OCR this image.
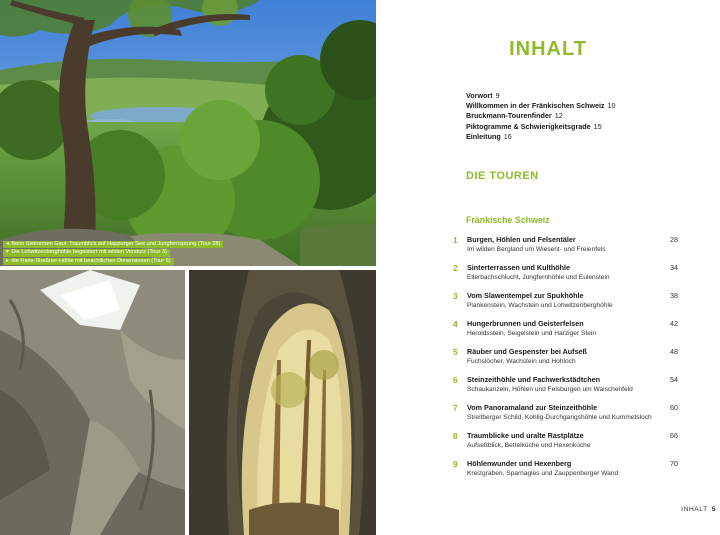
◂ Beim Steinernen Gaul: Traumblick auf Happurger See und Jungfernsprung (Tour 28)
▾ Die Lohwitzenberghöhle begeistert mit wilden Versturz (Tour 3)
▸ die Hans-Straßner-Höhle mit beachtlichen Dimensionen (Tour 6)
INHALT
Vorwort 9
Willkommen in der Fränkischen Schweiz 10
Bruckmann-Tourenfinder 12
Piktogramme & Schwierigkeitsgrade 15
Einleitung 16
DIE TOUREN
Fränkische Schweiz
1	Burgen, Höhlen und Felsentäler
Im wilden Bergland um Wiesent- und Freienfels
28
2	Sinterterrassen und Kulthöhle
Ellerbachschlucht, Jungfernhöhle und Eulenstein
34
3	Vom Slawentempel zur Spukhöhle
Plankenstein, Wachstein und Lohwitzenberghöhle
38
4	Hungerbrunnen und Geisterfelsen
Heroldsstein, Seigelstein und Harziger Stein
42
5	Räuber und Gespenster bei Aufseß
Fuchslöcher, Wachstein und Hohloch
48
6	Steinzeithöhle und Fachwerkstädtchen
Schaukanzeln, Höhlen und Felsburgen um Waischenfeld
54
7	Vom Panoramaland zur Steinzeithöhle
Streitberger Schild, Kohlig-Durchgangshöhle und Kummetsloch
60
8	Traumblicke und uralte Rastplätze
Aufseßblick, Bettelküche und Hexenküche
66
9	Höhlenwunder und Hexenberg
Kreizgraben, Sparnagles und Zauppenberger Wand
70
INHALT 5
